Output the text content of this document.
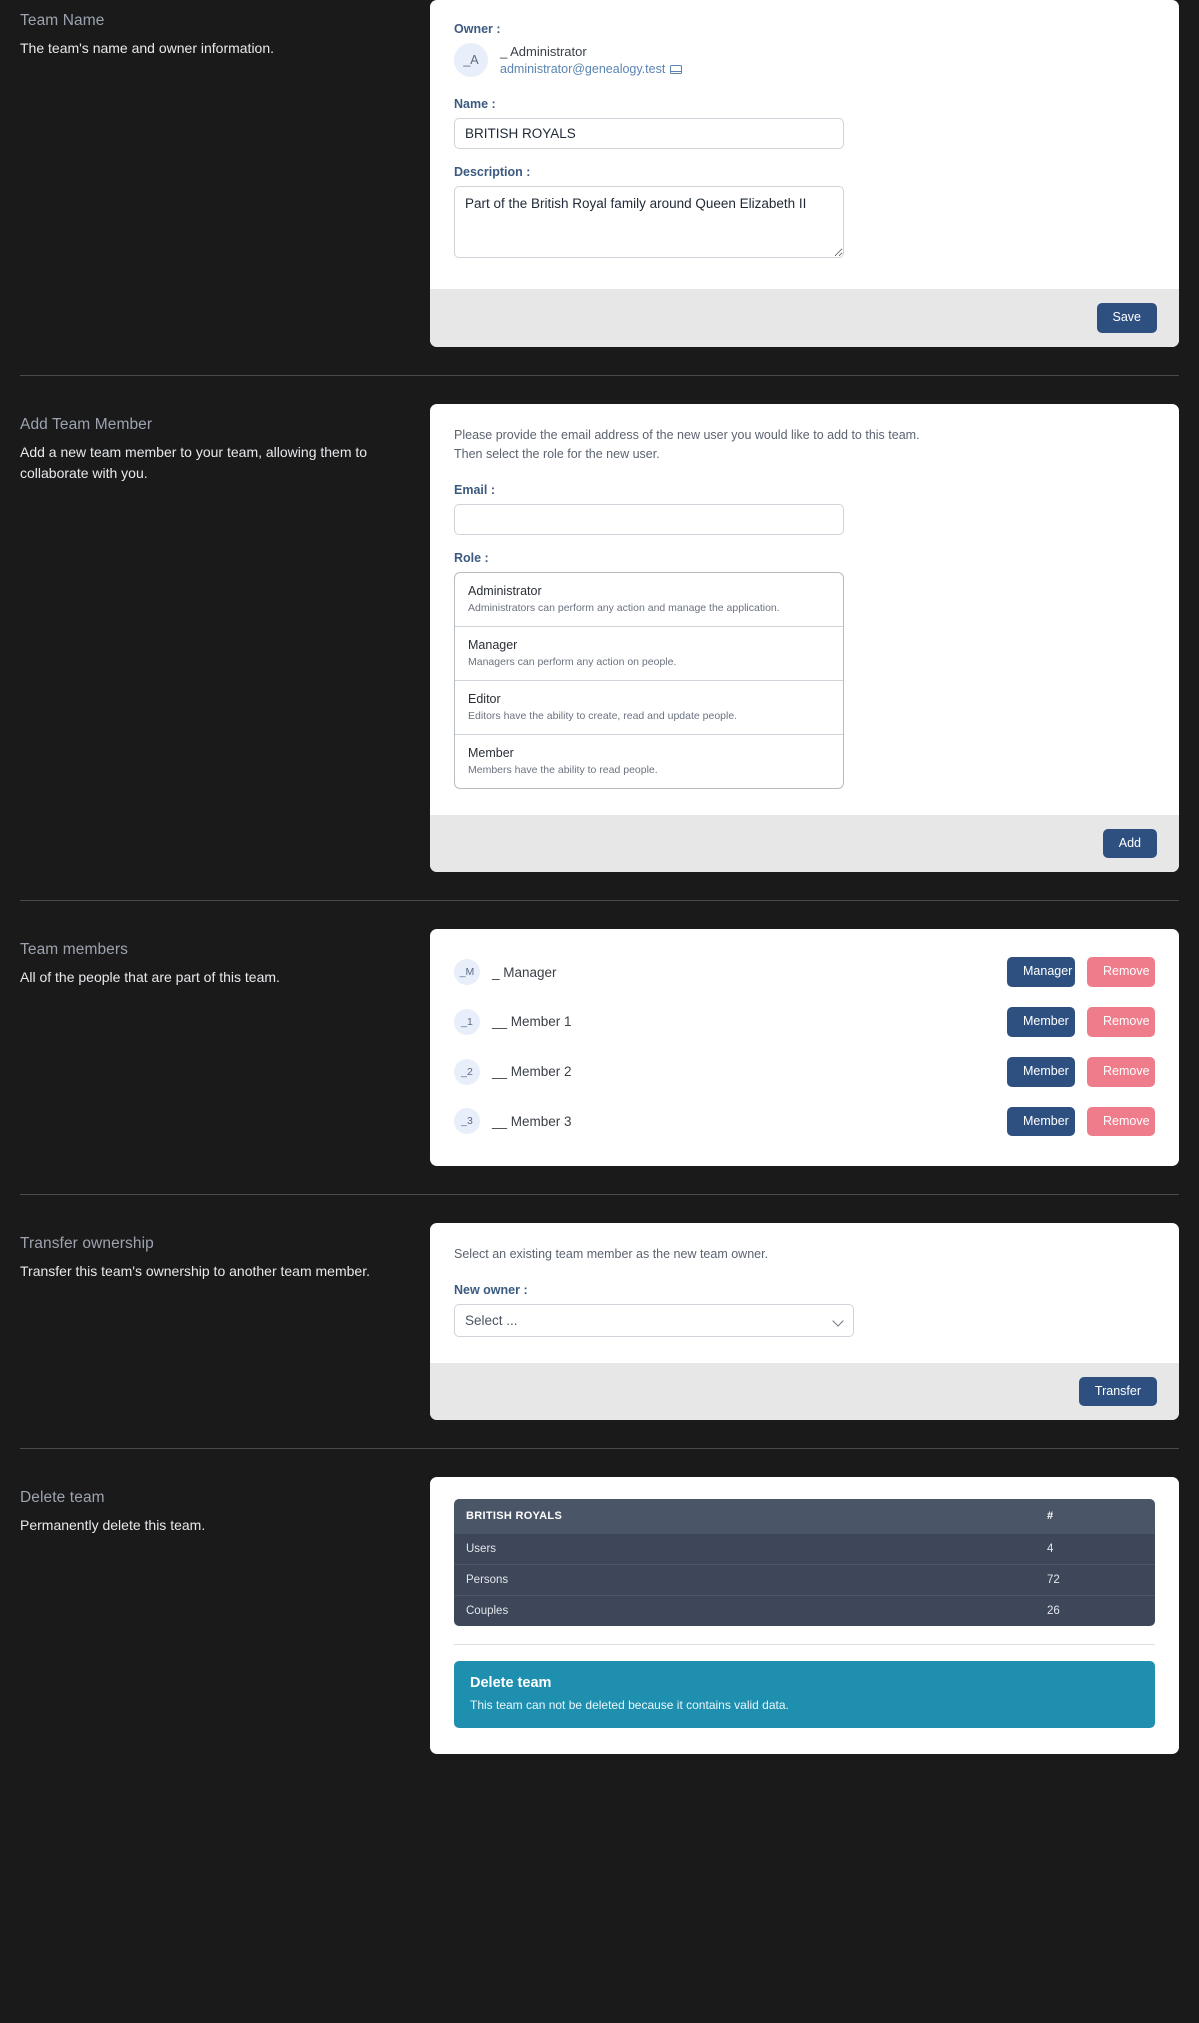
Team Name

The team's name and owner information.

Owner :
_A
_ Administrator
administrator@genealogy.test
Name :
BRITISH ROYALS
Description :
Part of the British Royal family around Queen Elizabeth II
Save
Add Team Member

Add a new team member to your team, allowing them to collaborate with you.

Please provide the email address of the new user you would like to add to this team.
Then select the role for the new user.

Email :
Role :
Administrator
Administrators can perform any action and manage the application.
Manager
Managers can perform any action on people.
Editor
Editors have the ability to create, read and update people.
Member
Members have the ability to read people.
Add
Team members

All of the people that are part of this team.	_M	_ Manager	Manager	Remove
_1	__ Member 1	Member	Remove
_2	__ Member 2	Member	Remove
_3	__ Member 3	Member	Remove
Transfer ownership

Transfer this team's ownership to another team member.

Select an existing team member as the new team owner.

New owner :
Select ...
Transfer
Delete team

Permanently delete this team.

BRITISH ROYALS	#
Users	4
Persons	72
Couples	26
Delete team
This team can not be deleted because it contains valid data.
